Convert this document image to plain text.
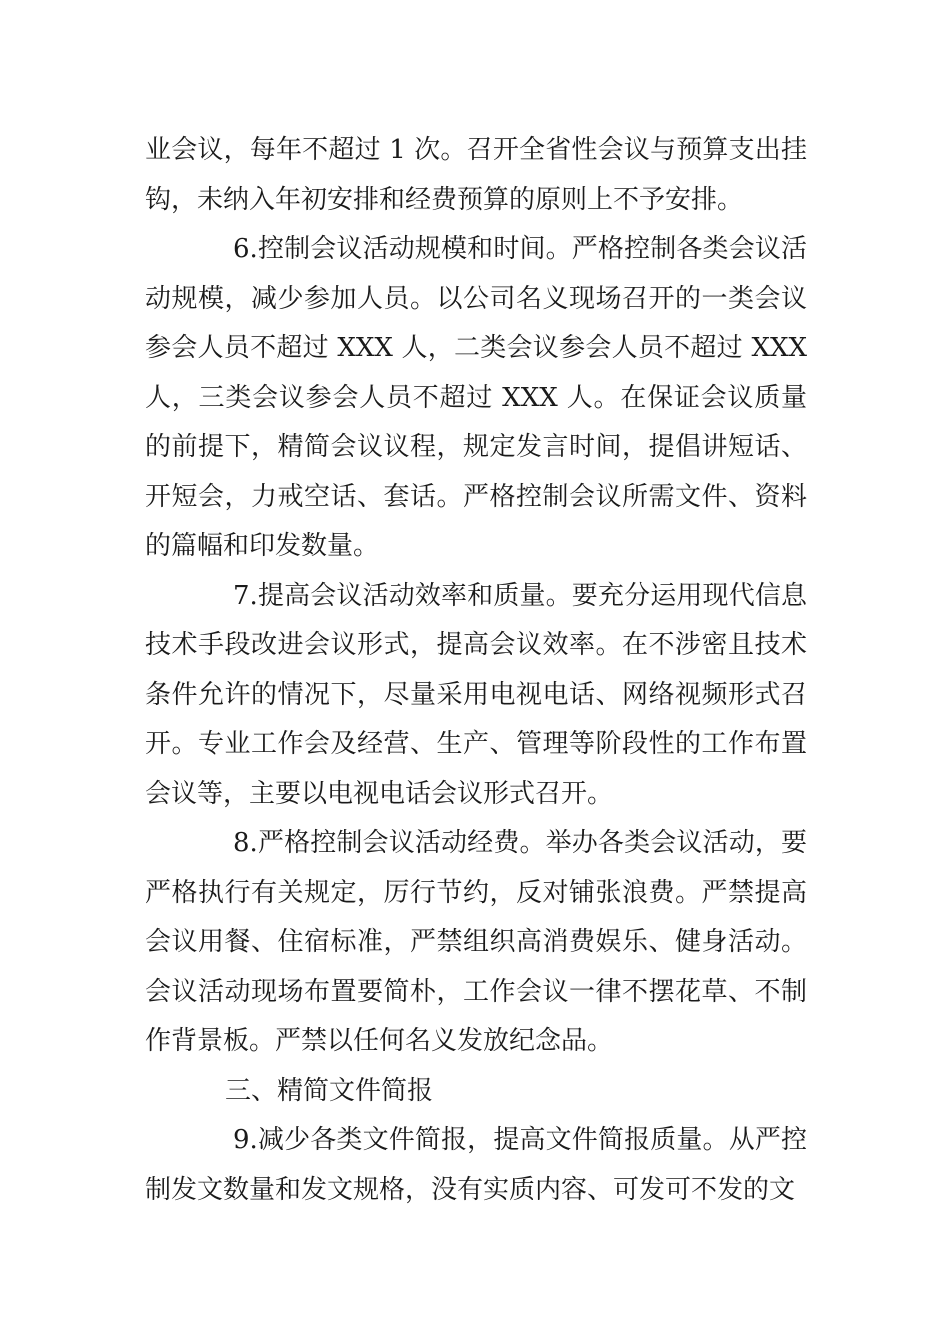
业会议，每年不超过 1 次。召开全省性会议与预算支出挂钩，未纳入年初安排和经费预算的原则上不予安排。

6.控制会议活动规模和时间。严格控制各类会议活动规模，减少参加人员。以公司名义现场召开的一类会议参会人员不超过 XXX 人，二类会议参会人员不超过 XXX 人，三类会议参会人员不超过 XXX 人。在保证会议质量的前提下，精简会议议程，规定发言时间，提倡讲短话、开短会，力戒空话、套话。严格控制会议所需文件、资料的篇幅和印发数量。

7.提高会议活动效率和质量。要充分运用现代信息技术手段改进会议形式，提高会议效率。在不涉密且技术条件允许的情况下，尽量采用电视电话、网络视频形式召开。专业工作会及经营、生产、管理等阶段性的工作布置会议等，主要以电视电话会议形式召开。

8.严格控制会议活动经费。举办各类会议活动，要严格执行有关规定，厉行节约，反对铺张浪费。严禁提高会议用餐、住宿标准，严禁组织高消费娱乐、健身活动。会议活动现场布置要简朴，工作会议一律不摆花草、不制作背景板。严禁以任何名义发放纪念品。

三、精简文件简报

9.减少各类文件简报，提高文件简报质量。从严控制发文数量和发文规格，没有实质内容、可发可不发的文
